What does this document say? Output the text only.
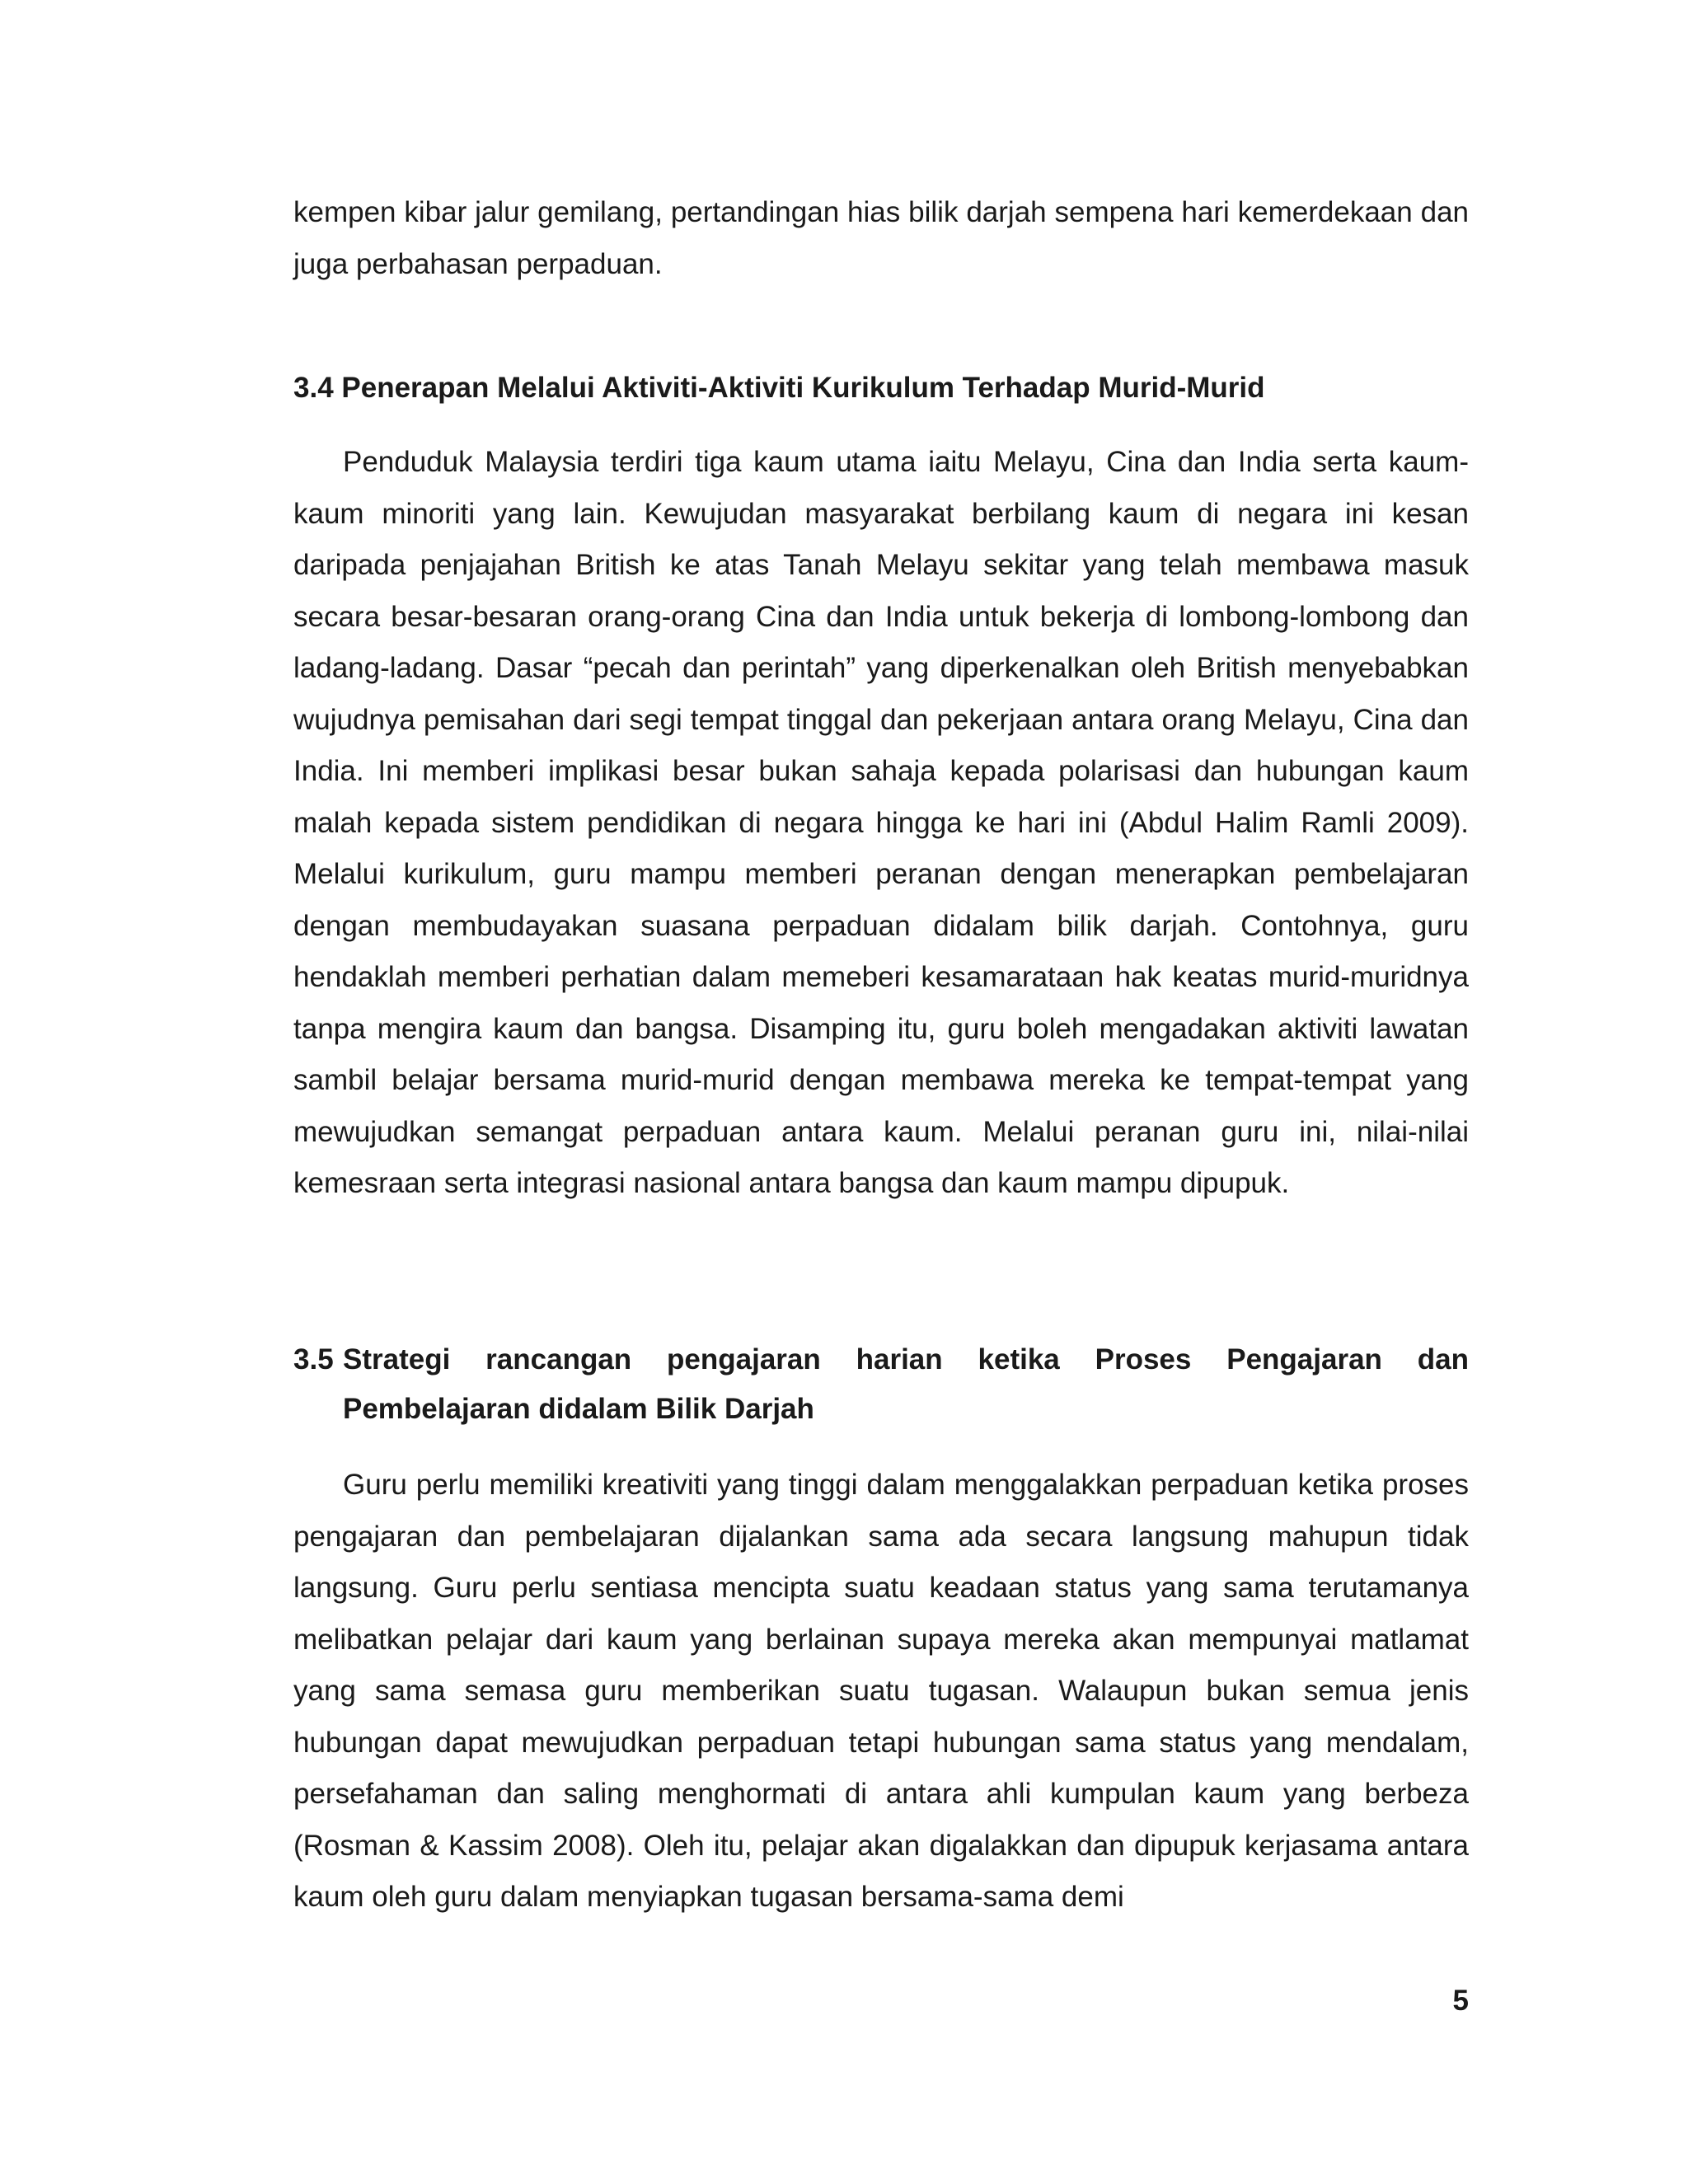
kempen kibar jalur gemilang, pertandingan hias bilik darjah sempena hari kemerdekaan dan juga perbahasan perpaduan.

3.4 Penerapan Melalui Aktiviti-Aktiviti Kurikulum Terhadap Murid-Murid

Penduduk Malaysia terdiri tiga kaum utama iaitu Melayu, Cina dan India serta kaum-kaum minoriti yang lain. Kewujudan masyarakat berbilang kaum di negara ini kesan daripada penjajahan British ke atas Tanah Melayu sekitar yang telah membawa masuk secara besar-besaran orang-orang Cina dan India untuk bekerja di lombong-lombong dan ladang-ladang. Dasar “pecah dan perintah” yang diperkenalkan oleh British menyebabkan wujudnya pemisahan dari segi tempat tinggal dan pekerjaan antara orang Melayu, Cina dan India. Ini memberi implikasi besar bukan sahaja kepada polarisasi dan hubungan kaum malah kepada sistem pendidikan di negara hingga ke hari ini (Abdul Halim Ramli 2009). Melalui kurikulum, guru mampu memberi peranan dengan menerapkan pembelajaran dengan membudayakan suasana perpaduan didalam bilik darjah. Contohnya, guru hendaklah memberi perhatian dalam memeberi kesamarataan hak keatas murid-muridnya tanpa mengira kaum dan bangsa. Disamping itu, guru boleh mengadakan aktiviti lawatan sambil belajar bersama murid-murid dengan membawa mereka ke tempat-tempat yang mewujudkan semangat perpaduan antara kaum. Melalui peranan guru ini, nilai-nilai kemesraan serta integrasi nasional antara bangsa dan kaum mampu dipupuk.

3.5 Strategi rancangan pengajaran harian ketika Proses Pengajaran dan
Pembelajaran didalam Bilik Darjah

Guru perlu memiliki kreativiti yang tinggi dalam menggalakkan perpaduan ketika proses pengajaran dan pembelajaran dijalankan sama ada secara langsung mahupun tidak langsung. Guru perlu sentiasa mencipta suatu keadaan status yang sama terutamanya melibatkan pelajar dari kaum yang berlainan supaya mereka akan mempunyai matlamat yang sama semasa guru memberikan suatu tugasan. Walaupun bukan semua jenis hubungan dapat mewujudkan perpaduan tetapi hubungan sama status yang mendalam, persefahaman dan saling menghormati di antara ahli kumpulan kaum yang berbeza (Rosman & Kassim 2008). Oleh itu, pelajar akan digalakkan dan dipupuk kerjasama antara kaum oleh guru dalam menyiapkan tugasan bersama-sama demi

5
